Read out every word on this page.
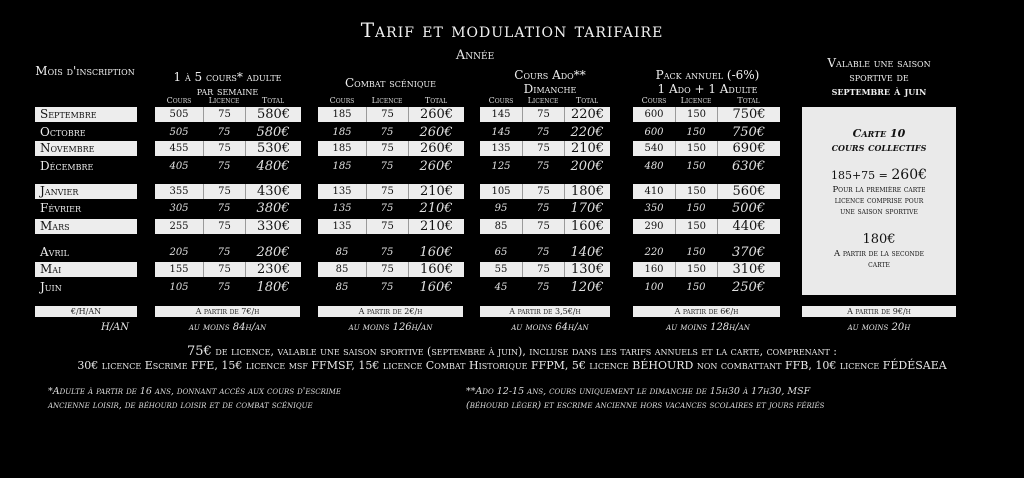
Tarif et modulation tarifaire
Année
Mois d'inscription	1 à 5 cours* adulte
par semaine
Combat scénique
Cours Ado**
Dimanche
Pack annuel (-6%)
1 Ado + 1 Adulte
Valable une saison
sportive de
septembre à juin
Cours	Licence	Total	Cours	Licence	Total	Cours	Licence	Total	Cours	Licence	Total
Septembre	505	75	580€	185	75	260€	145	75	220€	600	150	750€
Octobre	505	75	580€	185	75	260€	145	75	220€	600	150	750€
Novembre	455	75	530€	185	75	260€	135	75	210€	540	150	690€
Décembre	405	75	480€	185	75	260€	125	75	200€	480	150	630€
Janvier	355	75	430€	135	75	210€	105	75	180€	410	150	560€
Février	305	75	380€	135	75	210€	95	75	170€	350	150	500€
Mars	255	75	330€	135	75	210€	85	75	160€	290	150	440€
Avril	205	75	280€	85	75	160€	65	75	140€	220	150	370€
Mai	155	75	230€	85	75	160€	55	75	130€	160	150	310€
Juin	105	75	180€	85	75	160€	45	75	120€	100	150	250€
Carte 10
cours collectifs
185+75 = 260€
Pour la première carte
licence comprise pour
une saison sportive
180€
A partir de la seconde
carte
€/H/AN	A partir de 7€/h	A partir de 2€/h	A partir de 3,5€/h	A partir de 6€/h	A partir de 9€/h
H/AN	au moins 84h/an	au moins 126h/an	au moins 64h/an	au moins 128h/an	au moins 20h
75€ de licence, valable une saison sportive (septembre à juin), incluse dans les tarifs annuels et la carte, comprenant :
30€ licence Escrime FFE, 15€ licence msf FFMSF, 15€ licence Combat Historique FFPM, 5€ licence BÉHOURD non combattant FFB, 10€ licence FÉDÉSAEA
*Adulte à partir de 16 ans, donnant accès aux cours d'escrime
ancienne loisir, de béhourd loisir et de combat scénique
**Ado 12-15 ans, cours uniquement le dimanche de 15h30 à 17h30, MSF
(béhourd léger) et escrime ancienne hors vacances scolaires et jours fériés
